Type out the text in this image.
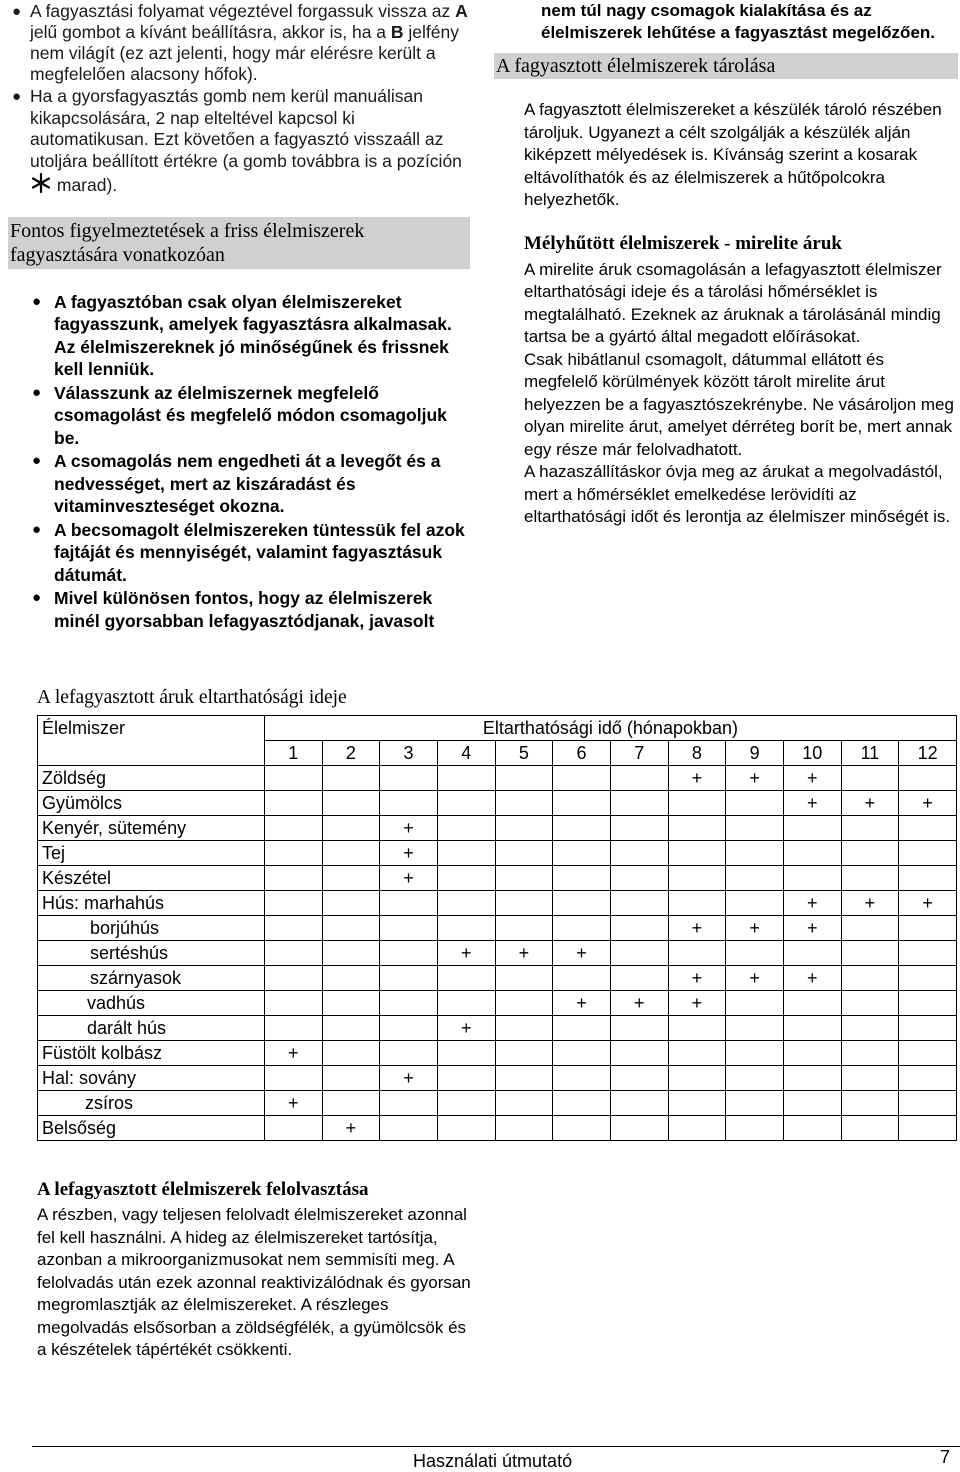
● A fagyasztási folyamat végeztével forgassuk vissza az A jelű gombot a kívánt beállításra, akkor is, ha a B jelfény nem világít (ez azt jelenti, hogy már elérésre került a megfelelően alacsony hőfok).
● Ha a gyorsfagyasztás gomb nem kerül manuálisan kikapcsolására, 2 nap elteltével kapcsol ki automatikusan. Ezt követően a fagyasztó visszaáll az utoljára beállított értékre (a gomb továbbra is a pozíción  marad).
Fontos figyelmeztetések a friss élelmiszerek fagyasztására vonatkozóan
● A fagyasztóban csak olyan élelmiszereket fagyasszunk, amelyek fagyasztásra alkalmasak. Az élelmiszereknek jó minőségűnek és frissnek kell lenniük.
● Válasszunk az élelmiszernek megfelelő csomagolást és megfelelő módon csomagoljuk be.
● A csomagolás nem engedheti át a levegőt és a nedvességet, mert az kiszáradást és vitaminveszteséget okozna.
● A becsomagolt élelmiszereken tüntessük fel azok fajtáját és mennyiségét, valamint fagyasztásuk dátumát.
● Mivel különösen fontos, hogy az élelmiszerek minél gyorsabban lefagyasztódjanak, javasolt

nem túl nagy csomagok kialakítása és az élelmiszerek lehűtése a fagyasztást megelőzően.

A fagyasztott élelmiszerek tárolása

A fagyasztott élelmiszereket a készülék tároló részében tároljuk. Ugyanezt a célt szolgálják a készülék alján kiképzett mélyedések is. Kívánság szerint a kosarak eltávolíthatók és az élelmiszerek a hűtőpolcokra helyezhetők.

Mélyhűtött élelmiszerek - mirelite áruk

A mirelite áruk csomagolásán a lefagyasztott élelmiszer eltarthatósági ideje és a tárolási hőmérséklet is megtalálható. Ezeknek az áruknak a tárolásánál mindig tartsa be a gyártó által megadott előírásokat.

Csak hibátlanul csomagolt, dátummal ellátott és megfelelő körülmények között tárolt mirelite árut helyezzen be a fagyasztószekrénybe. Ne vásároljon meg olyan mirelite árut, amelyet dérréteg borít be, mert annak egy része már felolvadhatott.

A hazaszállításkor óvja meg az árukat a megolvadástól, mert a hőmérséklet emelkedése lerövidíti az eltarthatósági időt és lerontja az élelmiszer minőségét is.

A lefagyasztott áruk eltarthatósági ideje
Élelmiszer	Eltarthatósági idő (hónapokban)											
	1	2	3	4	5	6	7	8	9	10	11	12
Zöldség								+	+	+		
Gyümölcs										+	+	+
Kenyér, sütemény			+									
Tej			+									
Készétel			+									
Hús: marhahús										+	+	+
borjúhús								+	+	+		
sertéshús				+	+	+						
szárnyasok								+	+	+		
vadhús						+	+	+				
darált hús				+								
Füstölt kolbász	+											
Hal: sovány			+									
zsíros	+											
Belsőség		+										
A lefagyasztott élelmiszerek felolvasztása

A részben, vagy teljesen felolvadt élelmiszereket azonnal fel kell használni. A hideg az élelmiszereket tartósítja, azonban a mikroorganizmusokat nem semmisíti meg. A felolvadás után ezek azonnal reaktivizálódnak és gyorsan megromlasztják az élelmiszereket. A részleges megolvadás elsősorban a zöldségfélék, a gyümölcsök és a készételek tápértékét csökkenti.

Használati útmutató	7
